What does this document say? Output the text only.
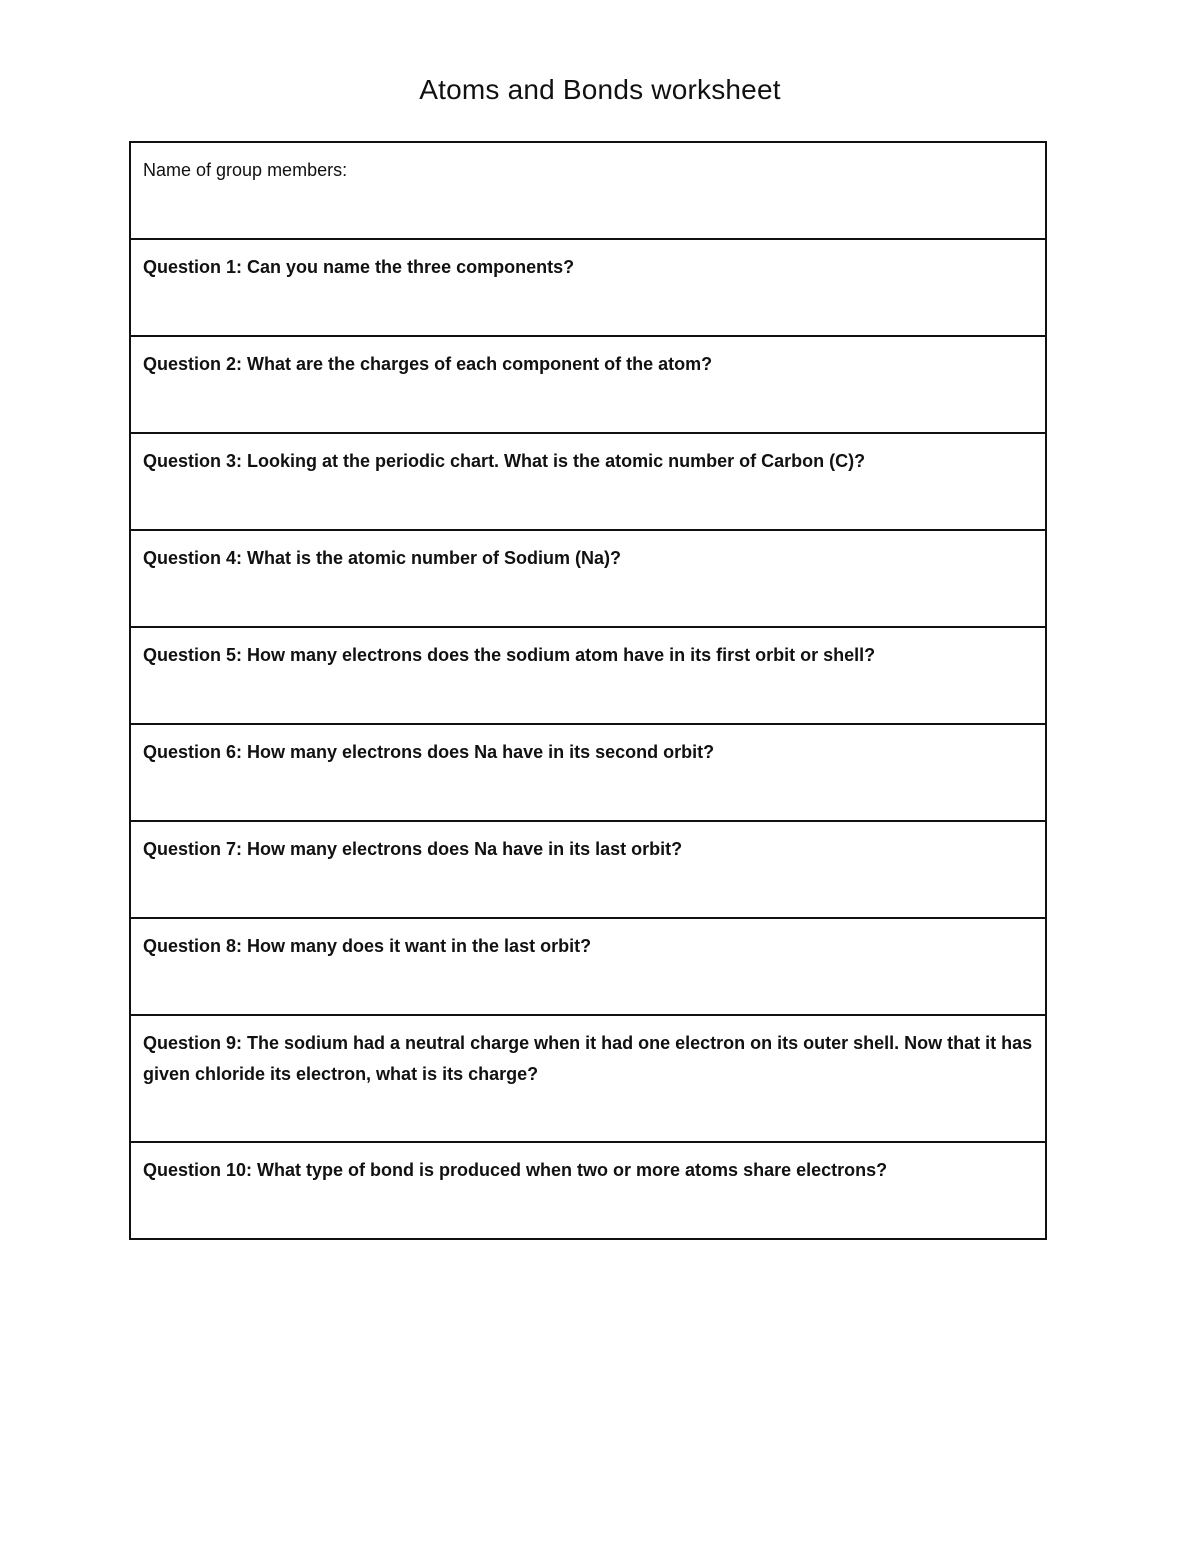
Atoms and Bonds worksheet
Name of group members:
Question 1: Can you name the three components?
Question 2: What are the charges of each component of the atom?
Question 3: Looking at the periodic chart. What is the atomic number of Carbon (C)?
Question 4: What is the atomic number of Sodium (Na)?
Question 5: How many electrons does the sodium atom have in its first orbit or shell?
Question 6: How many electrons does Na have in its second orbit?
Question 7: How many electrons does Na have in its last orbit?
Question 8: How many does it want in the last orbit?
Question 9: The sodium had a neutral charge when it had one electron on its outer shell. Now that it has given chloride its electron, what is its charge?
Question 10: What type of bond is produced when two or more atoms share electrons?
